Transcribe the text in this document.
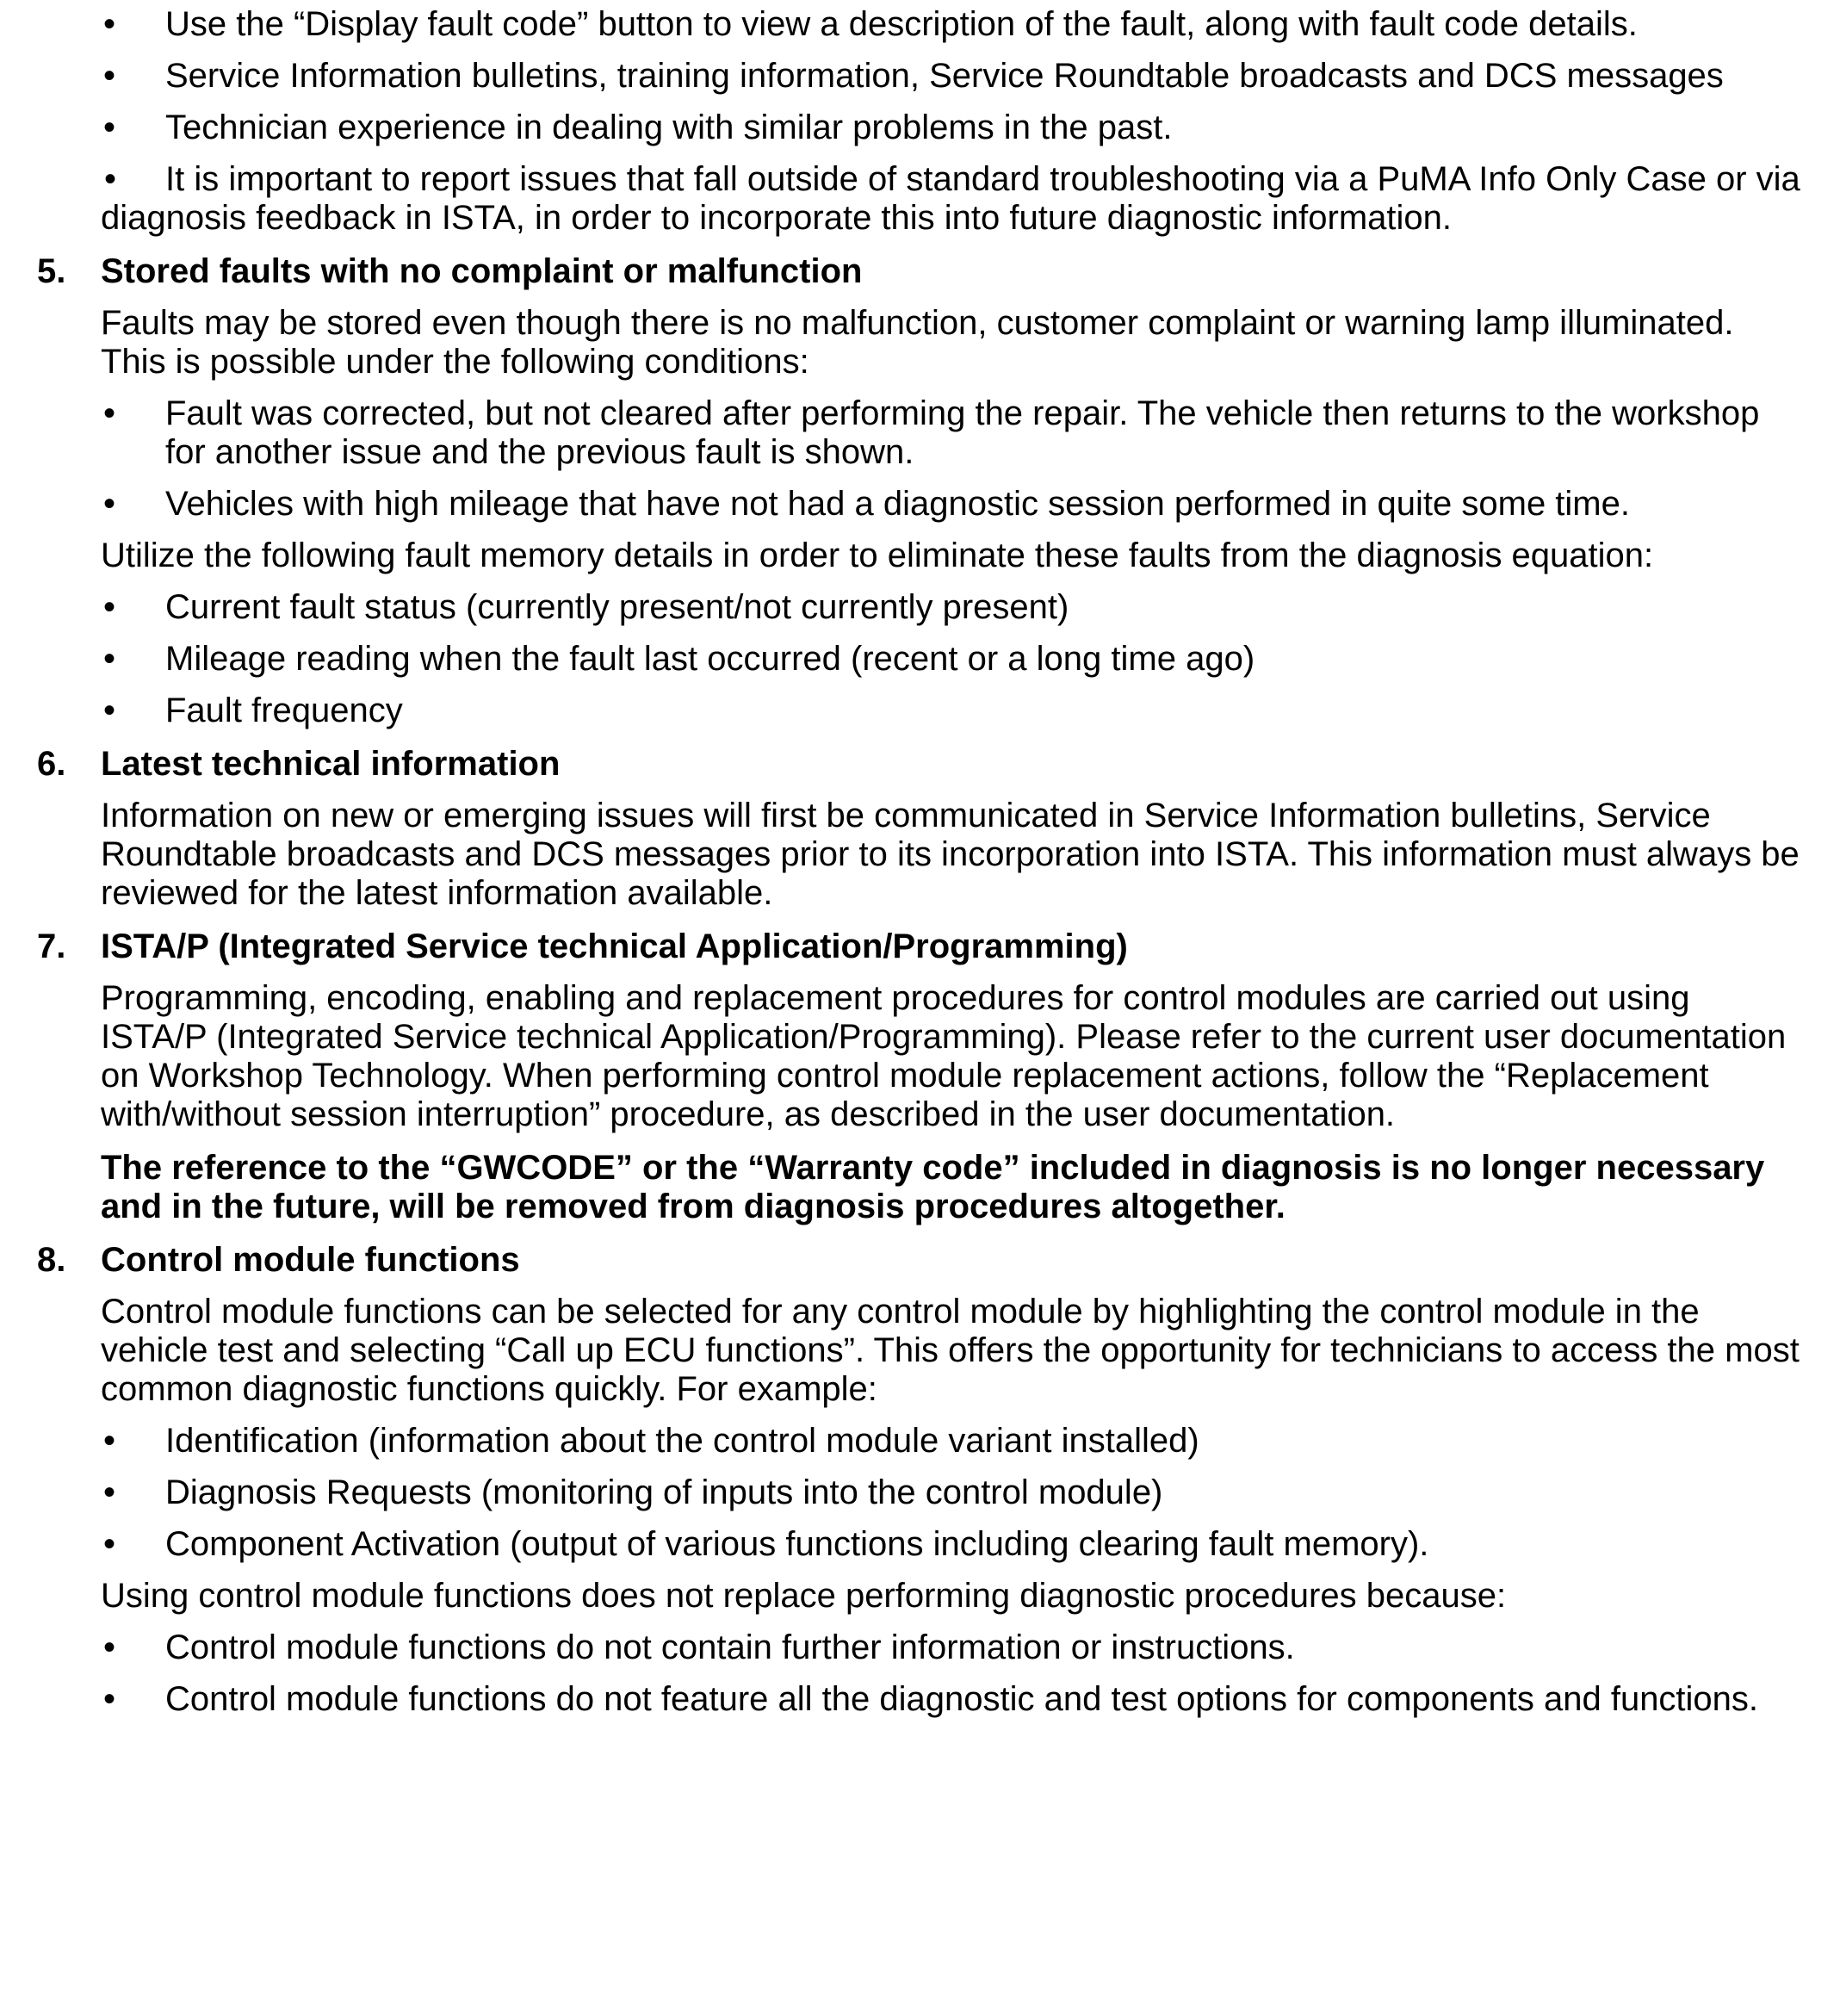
• Use the “Display fault code” button to view a description of the fault, along with fault code details.
• Service Information bulletins, training information, Service Roundtable broadcasts and DCS messages
• Technician experience in dealing with similar problems in the past.
• It is important to report issues that fall outside of standard troubleshooting via a PuMA Info Only Case or via diagnosis feedback in ISTA, in order to incorporate this into future diagnostic information.
5. Stored faults with no complaint or malfunction
Faults may be stored even though there is no malfunction, customer complaint or warning lamp illuminated. This is possible under the following conditions:
• Fault was corrected, but not cleared after performing the repair. The vehicle then returns to the workshop for another issue and the previous fault is shown.
• Vehicles with high mileage that have not had a diagnostic session performed in quite some time.
Utilize the following fault memory details in order to eliminate these faults from the diagnosis equation:
• Current fault status (currently present/not currently present)
• Mileage reading when the fault last occurred (recent or a long time ago)
• Fault frequency
6. Latest technical information
Information on new or emerging issues will first be communicated in Service Information bulletins, Service Roundtable broadcasts and DCS messages prior to its incorporation into ISTA. This information must always be reviewed for the latest information available.
7. ISTA/P (Integrated Service technical Application/Programming)
Programming, encoding, enabling and replacement procedures for control modules are carried out using ISTA/P (Integrated Service technical Application/Programming). Please refer to the current user documentation on Workshop Technology. When performing control module replacement actions, follow the “Replacement with/without session interruption” procedure, as described in the user documentation.
The reference to the “GWCODE” or the “Warranty code” included in diagnosis is no longer necessary and in the future, will be removed from diagnosis procedures altogether.
8. Control module functions
Control module functions can be selected for any control module by highlighting the control module in the vehicle test and selecting “Call up ECU functions”. This offers the opportunity for technicians to access the most common diagnostic functions quickly. For example:
• Identification (information about the control module variant installed)
• Diagnosis Requests (monitoring of inputs into the control module)
• Component Activation (output of various functions including clearing fault memory).
Using control module functions does not replace performing diagnostic procedures because:
• Control module functions do not contain further information or instructions.
• Control module functions do not feature all the diagnostic and test options for components and functions.
